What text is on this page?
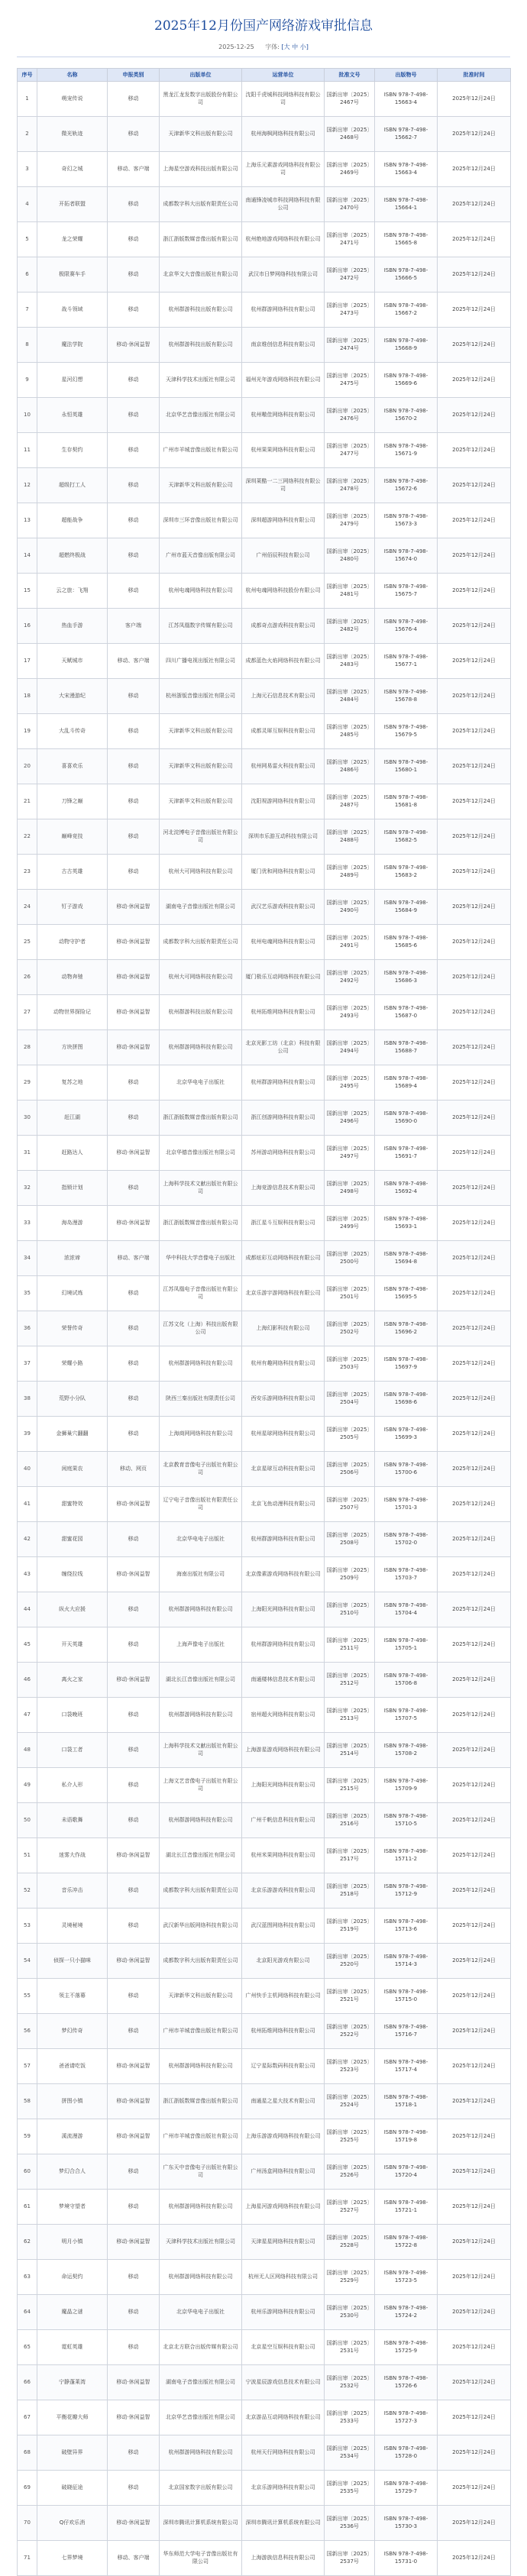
2025年12月份国产网络游戏审批信息
2025-12-25 字体: [大 中 小]
序号	名称	申报类别	出版单位	运营单位	批准文号	出版物号	批准时间
1	萌宠传说	移动	黑龙江龙发数字出版股份有限公司	沈阳千虎城科技网络科技有限公司	国新出审〔2025〕2467号	ISBN 978-7-498-15663-4	2025年12月24日
2	微光轨迹	移动	天津新华文科出版有限公司	杭州海枫网络科技有限公司	国新出审〔2025〕2468号	ISBN 978-7-498-15662-7	2025年12月24日
3	奇幻之城	移动、客户端	上海星空游戏科技出版有限公司	上海乐元素游戏网络科技有限公司	国新出审〔2025〕2469号	ISBN 978-7-498-15663-4	2025年12月24日
4	开拓者联盟	移动	成都数字科大出版有限责任公司	南通锋凌城市科技网络科技有限公司	国新出审〔2025〕2470号	ISBN 978-7-498-15664-1	2025年12月24日
5	龙之荣耀	移动	浙江浙版数媒音像出版有限公司	杭州绝地游戏网络科技有限公司	国新出审〔2025〕2471号	ISBN 978-7-498-15665-8	2025年12月24日
6	极限赛车手	移动	北京华文大音像出版社有限公司	武汉市日梦网络科技有限公司	国新出审〔2025〕2472号	ISBN 978-7-498-15666-5	2025年12月24日
7	战斗领域	移动	杭州群游科技出版有限公司	杭州群游网络科技有限公司	国新出审〔2025〕2473号	ISBN 978-7-498-15667-2	2025年12月24日
8	魔法学院	移动·休闲益智	杭州群游科技出版有限公司	南京维创信息科技有限公司	国新出审〔2025〕2474号	ISBN 978-7-498-15668-9	2025年12月24日
9	星河幻想	移动	天津科学技术出版社有限公司	福州光年游戏网络科技有限公司	国新出审〔2025〕2475号	ISBN 978-7-498-15669-6	2025年12月24日
10	永恒英雄	移动	北京华艺音像出版社有限公司	杭州嗷佳网络科技有限公司	国新出审〔2025〕2476号	ISBN 978-7-498-15670-2	2025年12月24日
11	生存契约	移动	广州市羊城音像出版社有限公司	杭州果果网络科技有限公司	国新出审〔2025〕2477号	ISBN 978-7-498-15671-9	2025年12月24日
12	超级打工人	移动	天津新华文科出版有限公司	深圳莱酷一二三网络科技有限公司	国新出审〔2025〕2478号	ISBN 978-7-498-15672-6	2025年12月24日
13	超能战争	移动	深圳市三环音像出版社有限公司	深圳超游网络科技有限公司	国新出审〔2025〕2479号	ISBN 978-7-498-15673-3	2025年12月24日
14	超燃终极战	移动	广州市蓝天音像出版有限公司	广州佰辰科技有限公司	国新出审〔2025〕2480号	ISBN 978-7-498-15674-0	2025年12月24日
15	云之旅：飞翔	移动	杭州电魂网络科技有限公司	杭州电魂网络科技股份有限公司	国新出审〔2025〕2481号	ISBN 978-7-498-15675-7	2025年12月24日
16	热血手游	客户端	江苏凤凰数字传媒有限公司	成都奇点游戏科技有限公司	国新出审〔2025〕2482号	ISBN 978-7-498-15676-4	2025年12月24日
17	天赋城市	移动、客户端	四川广播电视出版社有限公司	成都蓝色火焰网络科技有限公司	国新出审〔2025〕2483号	ISBN 978-7-498-15677-1	2025年12月24日
18	大宋漫游纪	移动	杭州浙版音像出版社有限公司	上海元石信息技术有限公司	国新出审〔2025〕2484号	ISBN 978-7-498-15678-8	2025年12月24日
19	大乱斗传奇	移动	天津新华文科出版有限公司	成都灵犀互娱科技有限公司	国新出审〔2025〕2485号	ISBN 978-7-498-15679-5	2025年12月24日
20	喜喜欢乐	移动	天津新华文科出版有限公司	杭州网易雷火科技有限公司	国新出审〔2025〕2486号	ISBN 978-7-498-15680-1	2025年12月24日
21	刀锋之巅	移动	天津新华文科出版有限公司	沈阳视游网络科技有限公司	国新出审〔2025〕2487号	ISBN 978-7-498-15681-8	2025年12月24日
22	巅峰竞技	移动	河北淀博电子音像出版社有限公司	深圳市乐游互动科技有限公司	国新出审〔2025〕2488号	ISBN 978-7-498-15682-5	2025年12月24日
23	古古英雄	移动	杭州大可网络科技有限公司	厦门优和网络科技有限公司	国新出审〔2025〕2489号	ISBN 978-7-498-15683-2	2025年12月24日
24	钉子游戏	移动·休闲益智	湖南电子音像出版社有限公司	武汉艺乐游戏科技有限公司	国新出审〔2025〕2490号	ISBN 978-7-498-15684-9	2025年12月24日
25	动物守护者	移动·休闲益智	成都数字科大出版有限责任公司	杭州电魂网络科技有限公司	国新出审〔2025〕2491号	ISBN 978-7-498-15685-6	2025年12月24日
26	动物奔驰	移动·休闲益智	杭州大可网络科技有限公司	厦门极乐互动网络科技有限公司	国新出审〔2025〕2492号	ISBN 978-7-498-15686-3	2025年12月24日
27	动物世界探险记	移动·休闲益智	杭州群游科技出版有限公司	杭州拓维网络科技有限公司	国新出审〔2025〕2493号	ISBN 978-7-498-15687-0	2025年12月24日
28	方块拼图	移动·休闲益智	杭州群游网络科技有限公司	北京光影工坊（北京）科技有限公司	国新出审〔2025〕2494号	ISBN 978-7-498-15688-7	2025年12月24日
29	复苏之地	移动	北京华电电子出版社	杭州群游网络科技有限公司	国新出审〔2025〕2495号	ISBN 978-7-498-15689-4	2025年12月24日
30	赶江湖	移动	浙江浙版数媒音像出版有限公司	浙江创游网络科技有限公司	国新出审〔2025〕2496号	ISBN 978-7-498-15690-0	2025年12月24日
31	赶路达人	移动·休闲益智	北京华德音像出版社有限公司	苏州游动网络科技有限公司	国新出审〔2025〕2497号	ISBN 978-7-498-15691-7	2025年12月24日
32	指锁计划	移动	上海科学技术文献出版社有限公司	上海竞游信息技术有限公司	国新出审〔2025〕2498号	ISBN 978-7-498-15692-4	2025年12月24日
33	海岛漫游	移动·休闲益智	浙江浙版数媒音像出版有限公司	浙江星斗互娱科技有限公司	国新出审〔2025〕2499号	ISBN 978-7-498-15693-1	2025年12月24日
34	浓浓谛	移动、客户端	华中科技大学音像电子出版社	成都炫彩互动网络科技有限公司	国新出审〔2025〕2500号	ISBN 978-7-498-15694-8	2025年12月24日
35	幻境试炼	移动	江苏凤凰电子音像出版社有限公司	北京乐游宇游网络科技有限公司	国新出审〔2025〕2501号	ISBN 978-7-498-15695-5	2025年12月24日
36	荣誉传奇	移动	江苏文化（上海）科技出版有限公司	上海幻影科技有限公司	国新出审〔2025〕2502号	ISBN 978-7-498-15696-2	2025年12月24日
37	荣耀小路	移动	杭州群游网络科技有限公司	杭州有趣网络科技有限公司	国新出审〔2025〕2503号	ISBN 978-7-498-15697-9	2025年12月24日
38	荒野小分队	移动	陕西三秦出版社有限责任公司	西安乐游网络科技有限公司	国新出审〔2025〕2504号	ISBN 978-7-498-15698-6	2025年12月24日
39	金狮巢穴翻翻	移动	上海商网网络科技有限公司	杭州星球网络科技有限公司	国新出审〔2025〕2505号	ISBN 978-7-498-15699-3	2025年12月24日
40	闲庭果农	移动、网页	北京教育音像电子出版社有限公司	北京星球互动科技有限公司	国新出审〔2025〕2506号	ISBN 978-7-498-15700-6	2025年12月24日
41	甜蜜特效	移动·休闲益智	辽宁电子音像出版社有限责任公司	北京飞鱼动漫科技有限公司	国新出审〔2025〕2507号	ISBN 978-7-498-15701-3	2025年12月24日
42	甜蜜花园	移动	北京华电电子出版社	杭州群游网络科技有限公司	国新出审〔2025〕2508号	ISBN 978-7-498-15702-0	2025年12月24日
43	缠绕拉线	移动·休闲益智	海南出版社有限公司	北京像素游戏网络科技有限公司	国新出审〔2025〕2509号	ISBN 978-7-498-15703-7	2025年12月24日
44	纵火大应援	移动	杭州群游网络科技有限公司	上海阳光网络科技有限公司	国新出审〔2025〕2510号	ISBN 978-7-498-15704-4	2025年12月24日
45	开天英雄	移动	上海声像电子出版社	杭州群游网络科技有限公司	国新出审〔2025〕2511号	ISBN 978-7-498-15705-1	2025年12月24日
46	离火之家	移动·休闲益智	湖北长江音像出版社有限公司	南通楼林信息技术有限公司	国新出审〔2025〕2512号	ISBN 978-7-498-15706-8	2025年12月24日
47	口袋晚班	移动	杭州群游网络科技有限公司	宿州超火网络科技有限公司	国新出审〔2025〕2513号	ISBN 978-7-498-15707-5	2025年12月24日
48	口袋工者	移动	上海科学技术文献出版社有限公司	上海游星游戏网络科技有限公司	国新出审〔2025〕2514号	ISBN 978-7-498-15708-2	2025年12月24日
49	私介人形	移动	上海文艺音像电子出版社有限公司	上海阳光网络科技有限公司	国新出审〔2025〕2515号	ISBN 978-7-498-15709-9	2025年12月24日
50	未语歌舞	移动	杭州群游网络科技有限公司	广州千帆信息科技有限公司	国新出审〔2025〕2516号	ISBN 978-7-498-15710-5	2025年12月24日
51	迷雾大作战	移动·休闲益智	湖北长江音像出版社有限公司	杭州米果网络科技有限公司	国新出审〔2025〕2517号	ISBN 978-7-498-15711-2	2025年12月24日
52	音乐冲击	移动	成都数字科大出版有限责任公司	北京乐游游戏科技有限公司	国新出审〔2025〕2518号	ISBN 978-7-498-15712-9	2025年12月24日
53	灵境秘境	移动	武汉新华出版网络科技有限公司	武汉蓝图网络科技有限公司	国新出审〔2025〕2519号	ISBN 978-7-498-15713-6	2025年12月24日
54	侦探一只小猫咪	移动·休闲益智	成都数字科大出版有限责任公司	北京阳光游戏有限公司	国新出审〔2025〕2520号	ISBN 978-7-498-15714-3	2025年12月24日
55	领主不落幕	移动	天津新华文科出版有限公司	广州快手主机网络科技有限公司	国新出审〔2025〕2521号	ISBN 978-7-498-15715-0	2025年12月24日
56	梦幻传奇	移动	广州市羊城音像出版社有限公司	杭州拓维网络科技有限公司	国新出审〔2025〕2522号	ISBN 978-7-498-15716-7	2025年12月24日
57	爸爸请吃饭	移动·休闲益智	杭州群游网络科技有限公司	辽宁星际数码科技有限公司	国新出审〔2025〕2523号	ISBN 978-7-498-15717-4	2025年12月24日
58	拼图小镇	移动·休闲益智	浙江浙版数媒音像出版有限公司	南通星之星大技术有限公司	国新出审〔2025〕2524号	ISBN 978-7-498-15718-1	2025年12月24日
59	溪流漫游	移动·休闲益智	广州市羊城音像出版社有限公司	上海乐游游戏网络科技有限公司	国新出审〔2025〕2525号	ISBN 978-7-498-15719-8	2025年12月24日
60	梦幻合合人	移动	广东天中音像电子出版社有限公司	广州汤盒网络科技有限公司	国新出审〔2025〕2526号	ISBN 978-7-498-15720-4	2025年12月24日
61	梦境守望者	移动	杭州群游网络科技有限公司	上海星河游戏网络科技有限公司	国新出审〔2025〕2527号	ISBN 978-7-498-15721-1	2025年12月24日
62	明月小镇	移动·休闲益智	天津科学技术出版社有限公司	天津星星网络科技有限公司	国新出审〔2025〕2528号	ISBN 978-7-498-15722-8	2025年12月24日
63	命运契约	移动	杭州群游网络科技有限公司	杭州无人区网络科技有限公司	国新出审〔2025〕2529号	ISBN 978-7-498-15723-5	2025年12月24日
64	魔晶之谜	移动	北京华电电子出版社	杭州乐游网络科技有限公司	国新出审〔2025〕2530号	ISBN 978-7-498-15724-2	2025年12月24日
65	霓虹英雄	移动	北京北方联合出版传媒有限公司	北京星空互娱科技有限公司	国新出审〔2025〕2531号	ISBN 978-7-498-15725-9	2025年12月24日
66	宁静蓬莱湾	移动·休闲益智	湖南电子音像出版社有限公司	宁波星辰游戏信息技术有限公司	国新出审〔2025〕2532号	ISBN 978-7-498-15726-6	2025年12月24日
67	平衡花瓣大师	移动·休闲益智	北京华艺音像出版社有限公司	北京游品互动网络科技有限公司	国新出审〔2025〕2533号	ISBN 978-7-498-15727-3	2025年12月24日
68	破壁异界	移动	杭州群游网络科技有限公司	杭州天行网络科技有限公司	国新出审〔2025〕2534号	ISBN 978-7-498-15728-0	2025年12月24日
69	破晓征途	移动	北京国家数字出版有限公司	北京乐游网络科技有限公司	国新出审〔2025〕2535号	ISBN 978-7-498-15729-7	2025年12月24日
70	Q仔欢乐消	移动·休闲益智	深圳市腾讯计算机系统有限公司	深圳市腾讯计算机系统有限公司	国新出审〔2025〕2536号	ISBN 978-7-498-15730-3	2025年12月24日
71	七界梦境	移动、客户端	华东师范大学电子音像出版社有限公司	上海游族信息科技有限公司	国新出审〔2025〕2537号	ISBN 978-7-498-15731-0	2025年12月24日
